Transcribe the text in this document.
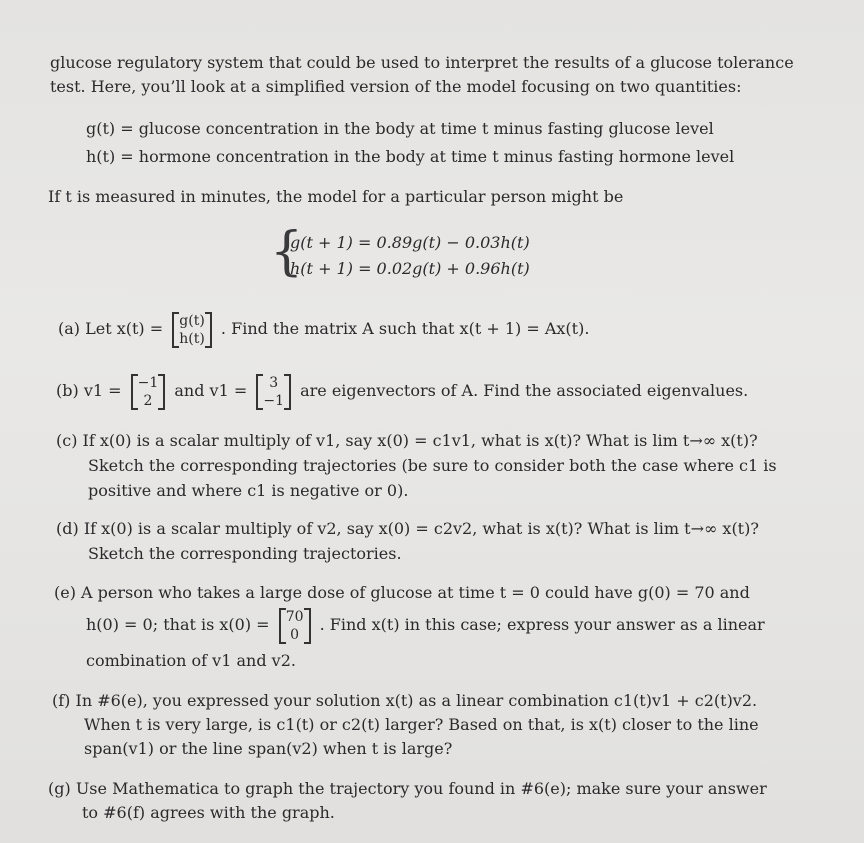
glucose regulatory system that could be used to interpret the results of a glucose tolerance
test. Here, you’ll look at a simplified version of the model focusing on two quantities:
g(t) = glucose concentration in the body at time t minus fasting glucose level
h(t) = hormone concentration in the body at time t minus fasting hormone level
If t is measured in minutes, the model for a particular person might be
{
g(t + 1) = 0.89g(t) − 0.03h(t)
h(t + 1) = 0.02g(t) + 0.96h(t)
(a) Let x(t) = g(t)
h(t)
. Find the matrix A such that x(t + 1) = Ax(t).
(b) v1 = −1
2
and v1 =	3
−1
are eigenvectors of A. Find the associated eigenvalues.
(c) If x(0) is a scalar multiply of v1, say x(0) = c1v1, what is x(t)? What is lim t→∞ x(t)?
Sketch the corresponding trajectories (be sure to consider both the case where c1 is
positive and where c1 is negative or 0).
(d) If x(0) is a scalar multiply of v2, say x(0) = c2v2, what is x(t)? What is lim t→∞ x(t)?
Sketch the corresponding trajectories.
(e) A person who takes a large dose of glucose at time t = 0 could have g(0) = 70 and
h(0) = 0; that is x(0) = 70
0
. Find x(t) in this case; express your answer as a linear
combination of v1 and v2.
(f) In #6(e), you expressed your solution x(t) as a linear combination c1(t)v1 + c2(t)v2.
When t is very large, is c1(t) or c2(t) larger? Based on that, is x(t) closer to the line
span(v1) or the line span(v2) when t is large?
(g) Use Mathematica to graph the trajectory you found in #6(e); make sure your answer
to #6(f) agrees with the graph.
